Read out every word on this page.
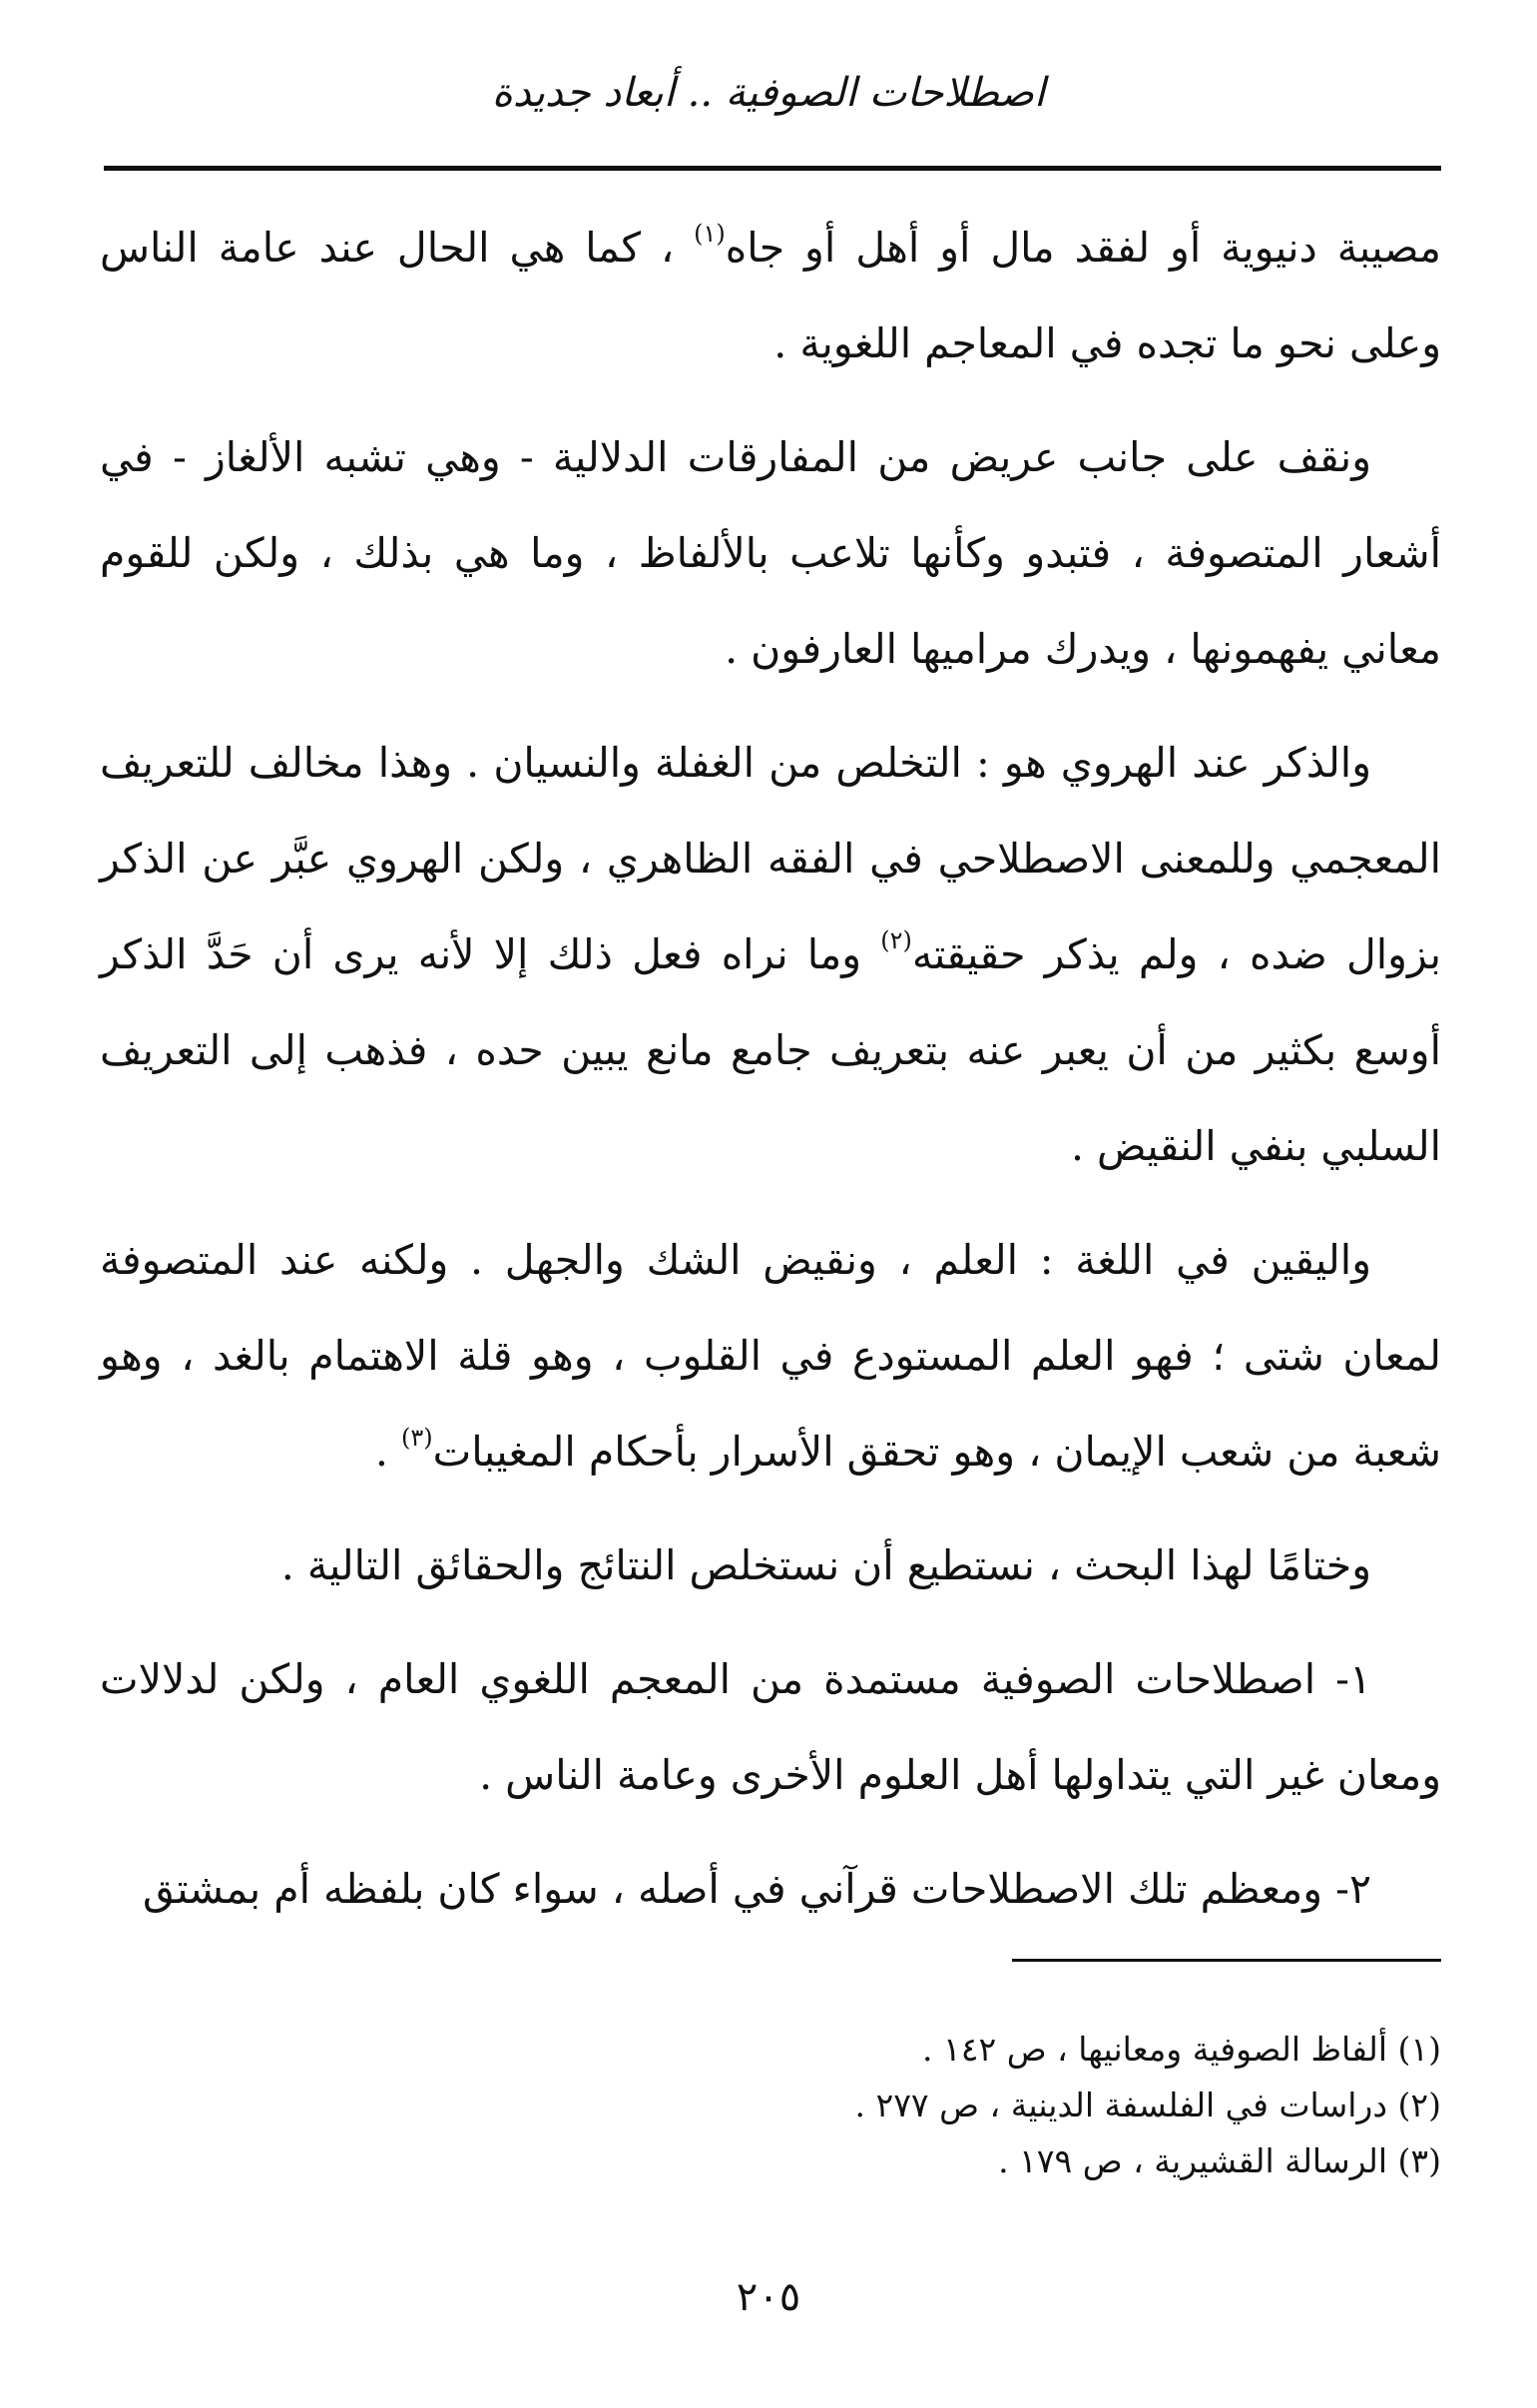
اصطلاحات الصوفية .. أبعاد جديدة

مصيبة دنيوية أو لفقد مال أو أهل أو جاه$^{(١)}$ ، كما هي الحال عند عامة الناس وعلى نحو ما تجده في المعاجم اللغوية .

ونقف على جانب عريض من المفارقات الدلالية - وهي تشبه الألغاز - في أشعار المتصوفة ، فتبدو وكأنها تلاعب بالألفاظ ، وما هي بذلك ، ولكن للقوم معاني يفهمونها ، ويدرك مراميها العارفون .

والذكر عند الهروي هو : التخلص من الغفلة والنسيان . وهذا مخالف للتعريف المعجمي وللمعنى الاصطلاحي في الفقه الظاهري ، ولكن الهروي عبَّر عن الذكر بزوال ضده ، ولم يذكر حقيقته$^{(٢)}$ وما نراه فعل ذلك إلا لأنه يرى أن حَدَّ الذكر أوسع بكثير من أن يعبر عنه بتعريف جامع مانع يبين حده ، فذهب إلى التعريف السلبي بنفي النقيض .

واليقين في اللغة : العلم ، ونقيض الشك والجهل . ولكنه عند المتصوفة لمعان شتى ؛ فهو العلم المستودع في القلوب ، وهو قلة الاهتمام بالغد ، وهو شعبة من شعب الإيمان ، وهو تحقق الأسرار بأحكام المغيبات$^{(٣)}$ .

وختامًا لهذا البحث ، نستطيع أن نستخلص النتائج والحقائق التالية .

١- اصطلاحات الصوفية مستمدة من المعجم اللغوي العام ، ولكن لدلالات ومعان غير التي يتداولها أهل العلوم الأخرى وعامة الناس .

٢- ومعظم تلك الاصطلاحات قرآني في أصله ، سواء كان بلفظه أم بمشتق

(١) ألفاظ الصوفية ومعانيها ، ص ١٤٢ .

(٢) دراسات في الفلسفة الدينية ، ص ٢٧٧ .

(٣) الرسالة القشيرية ، ص ١٧٩ .

٢٠٥
